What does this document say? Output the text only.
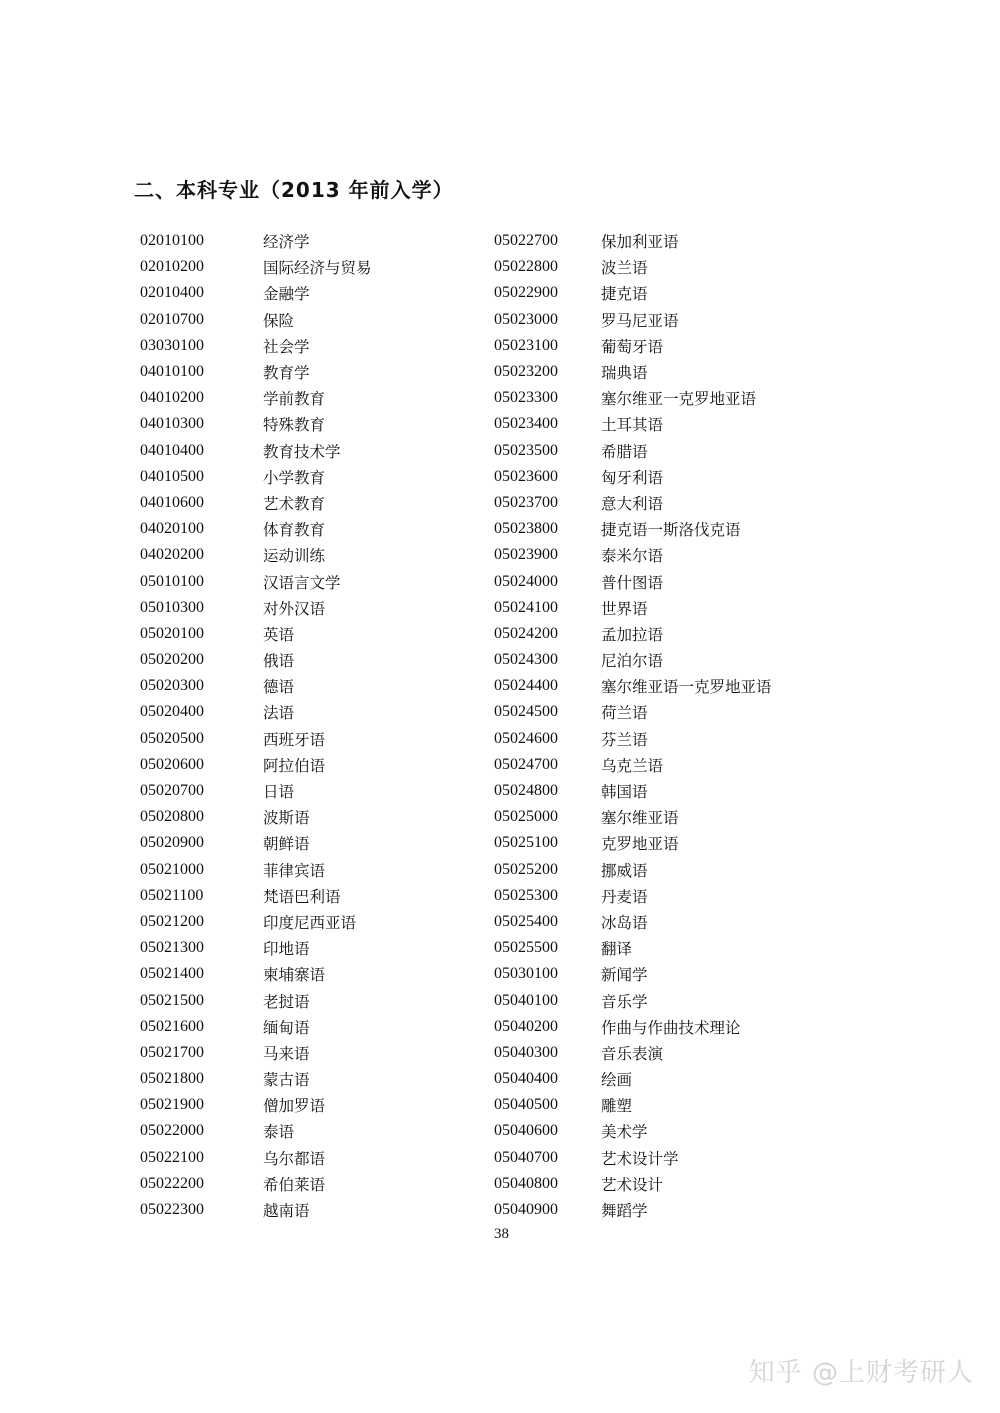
二、本科专业（2013 年前入学）
02010100	经济学
02010200	国际经济与贸易
02010400	金融学
02010700	保险
03030100	社会学
04010100	教育学
04010200	学前教育
04010300	特殊教育
04010400	教育技术学
04010500	小学教育
04010600	艺术教育
04020100	体育教育
04020200	运动训练
05010100	汉语言文学
05010300	对外汉语
05020100	英语
05020200	俄语
05020300	德语
05020400	法语
05020500	西班牙语
05020600	阿拉伯语
05020700	日语
05020800	波斯语
05020900	朝鲜语
05021000	菲律宾语
05021100	梵语巴利语
05021200	印度尼西亚语
05021300	印地语
05021400	柬埔寨语
05021500	老挝语
05021600	缅甸语
05021700	马来语
05021800	蒙古语
05021900	僧加罗语
05022000	泰语
05022100	乌尔都语
05022200	希伯莱语
05022300	越南语
05022700	保加利亚语
05022800	波兰语
05022900	捷克语
05023000	罗马尼亚语
05023100	葡萄牙语
05023200	瑞典语
05023300	塞尔维亚一克罗地亚语
05023400	土耳其语
05023500	希腊语
05023600	匈牙利语
05023700	意大利语
05023800	捷克语一斯洛伐克语
05023900	泰米尔语
05024000	普什图语
05024100	世界语
05024200	孟加拉语
05024300	尼泊尔语
05024400	塞尔维亚语一克罗地亚语
05024500	荷兰语
05024600	芬兰语
05024700	乌克兰语
05024800	韩国语
05025000	塞尔维亚语
05025100	克罗地亚语
05025200	挪威语
05025300	丹麦语
05025400	冰岛语
05025500	翻译
05030100	新闻学
05040100	音乐学
05040200	作曲与作曲技术理论
05040300	音乐表演
05040400	绘画
05040500	雕塑
05040600	美术学
05040700	艺术设计学
05040800	艺术设计
05040900	舞蹈学
38
知乎 @上财考研人
